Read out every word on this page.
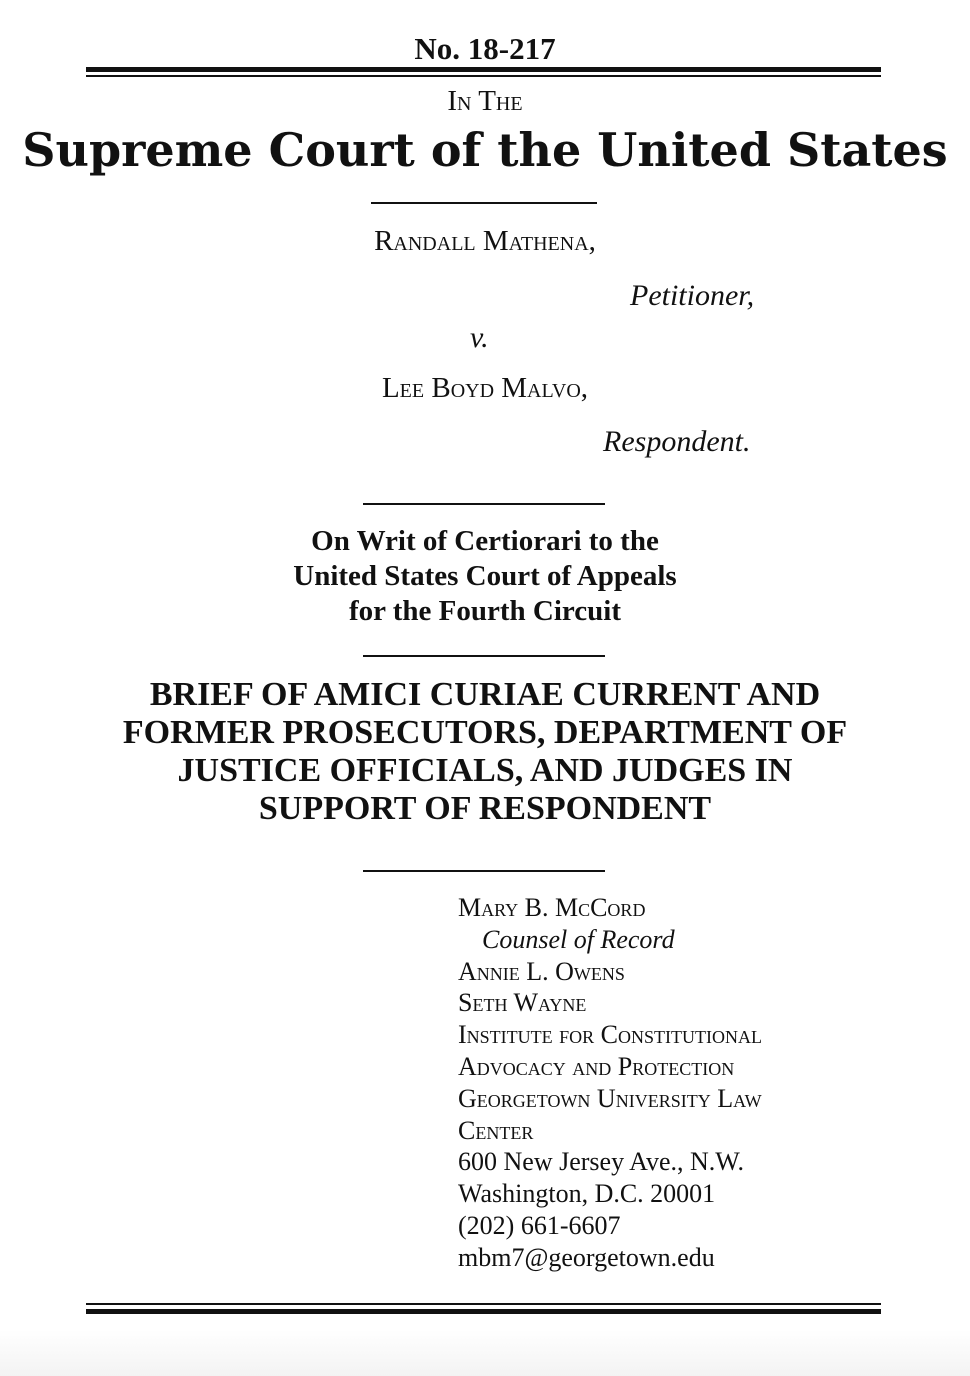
No. 18-217
In The
Supreme Court of the United States
Randall Mathena,
Petitioner,
v.
Lee Boyd Malvo,
Respondent.
On Writ of Certiorari to the
United States Court of Appeals
for the Fourth Circuit
BRIEF OF AMICI CURIAE CURRENT AND
FORMER PROSECUTORS, DEPARTMENT OF
JUSTICE OFFICIALS, AND JUDGES IN
SUPPORT OF RESPONDENT
Mary B. McCord
Counsel of Record
Annie L. Owens
Seth Wayne
Institute for Constitutional
Advocacy and Protection
Georgetown University Law
Center
600 New Jersey Ave., N.W.
Washington, D.C. 20001
(202) 661-6607
mbm7@georgetown.edu
